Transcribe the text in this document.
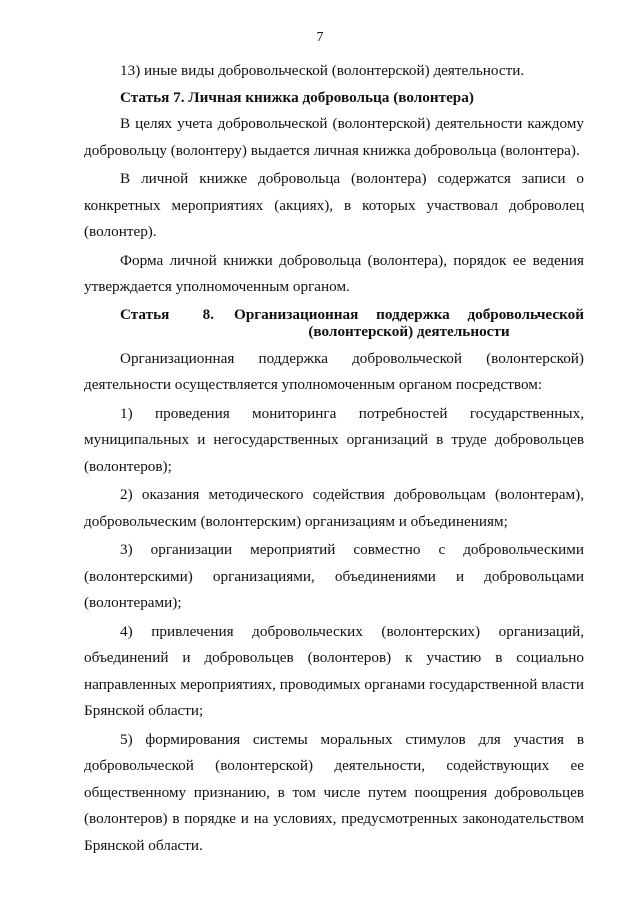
7

13) иные виды добровольческой (волонтерской) деятельности.

Статья 7. Личная книжка добровольца (волонтера)

В целях учета добровольческой (волонтерской) деятельности каждому добровольцу (волонтеру) выдается личная книжка добровольца (волонтера).

В личной книжке добровольца (волонтера) содержатся записи о конкретных мероприятиях (акциях), в которых участвовал доброволец (волонтер).

Форма личной книжки добровольца (волонтера), порядок ее ведения утверждается уполномоченным органом.

Статья 8. Организационная поддержка добровольческой (волонтерской) деятельности

Организационная поддержка добровольческой (волонтерской) деятельности осуществляется уполномоченным органом посредством:

1) проведения мониторинга потребностей государственных, муниципальных и негосударственных организаций в труде добровольцев (волонтеров);

2) оказания методического содействия добровольцам (волонтерам), добровольческим (волонтерским) организациям и объединениям;

3) организации мероприятий совместно с добровольческими (волонтерскими) организациями, объединениями и добровольцами (волонтерами);

4) привлечения добровольческих (волонтерских) организаций, объединений и добровольцев (волонтеров) к участию в социально направленных мероприятиях, проводимых органами государственной власти Брянской области;

5) формирования системы моральных стимулов для участия в добровольческой (волонтерской) деятельности, содействующих ее общественному признанию, в том числе путем поощрения добровольцев (волонтеров) в порядке и на условиях, предусмотренных законодательством Брянской области.
